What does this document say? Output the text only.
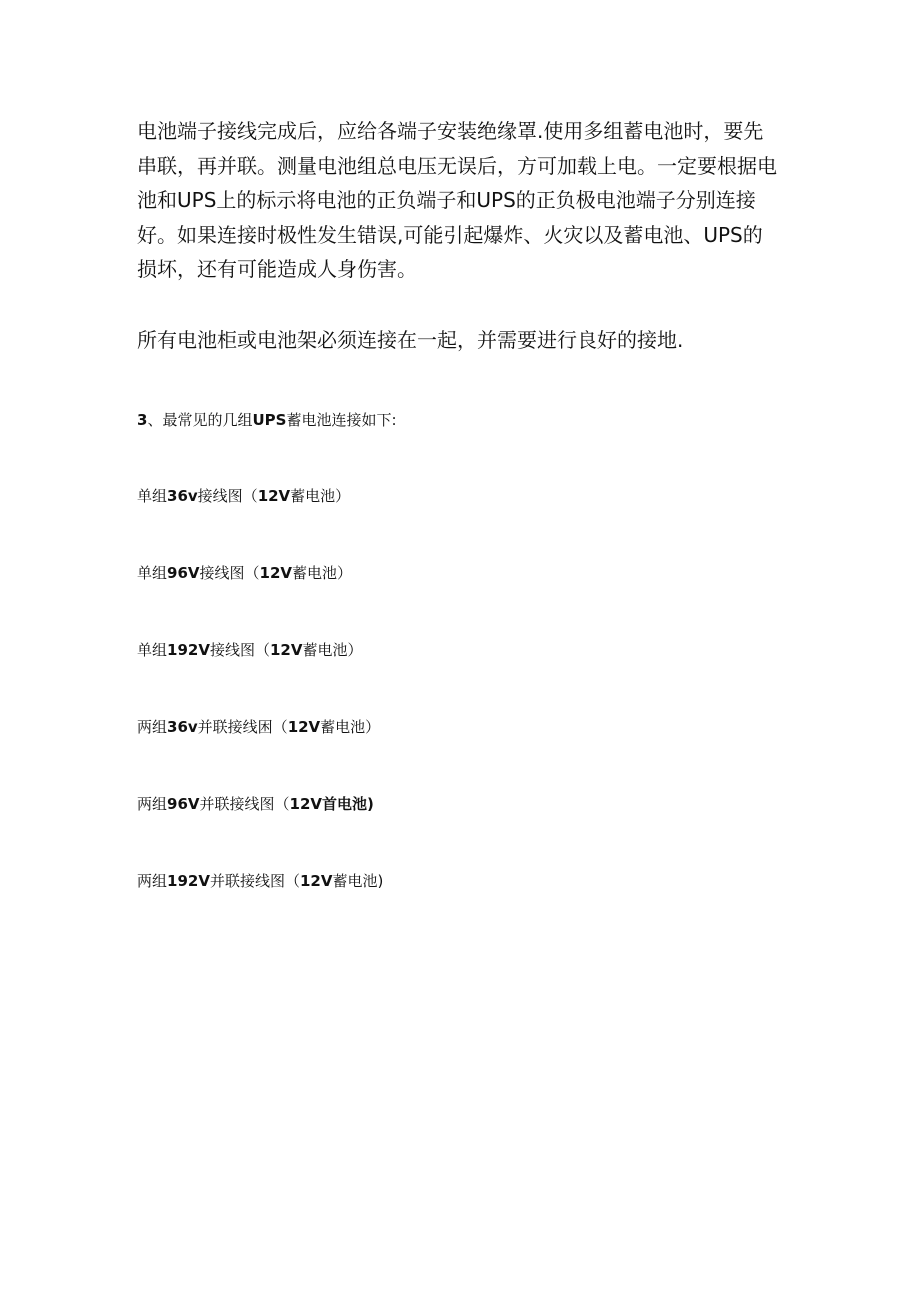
电池端子接线完成后，应给各端子安装绝缘罩.使用多组蓄电池时，要先
串联，再并联。测量电池组总电压无误后，方可加载上电。一定要根据电
池和UPS上的标示将电池的正负端子和UPS的正负极电池端子分别连接
好。如果连接时极性发生错误,可能引起爆炸、火灾以及蓄电池、UPS的
损坏，还有可能造成人身伤害。

所有电池柜或电池架必须连接在一起，并需要进行良好的接地.

3、最常见的几组UPS蓄电池连接如下:

单组36v接线图（12V蓄电池）

单组96V接线图（12V蓄电池）

单组192V接线图（12V蓄电池）

两组36v并联接线困（12V蓄电池）

两组96V并联接线图（12V首电池)

两组192V并联接线图（12V蓄电池)
